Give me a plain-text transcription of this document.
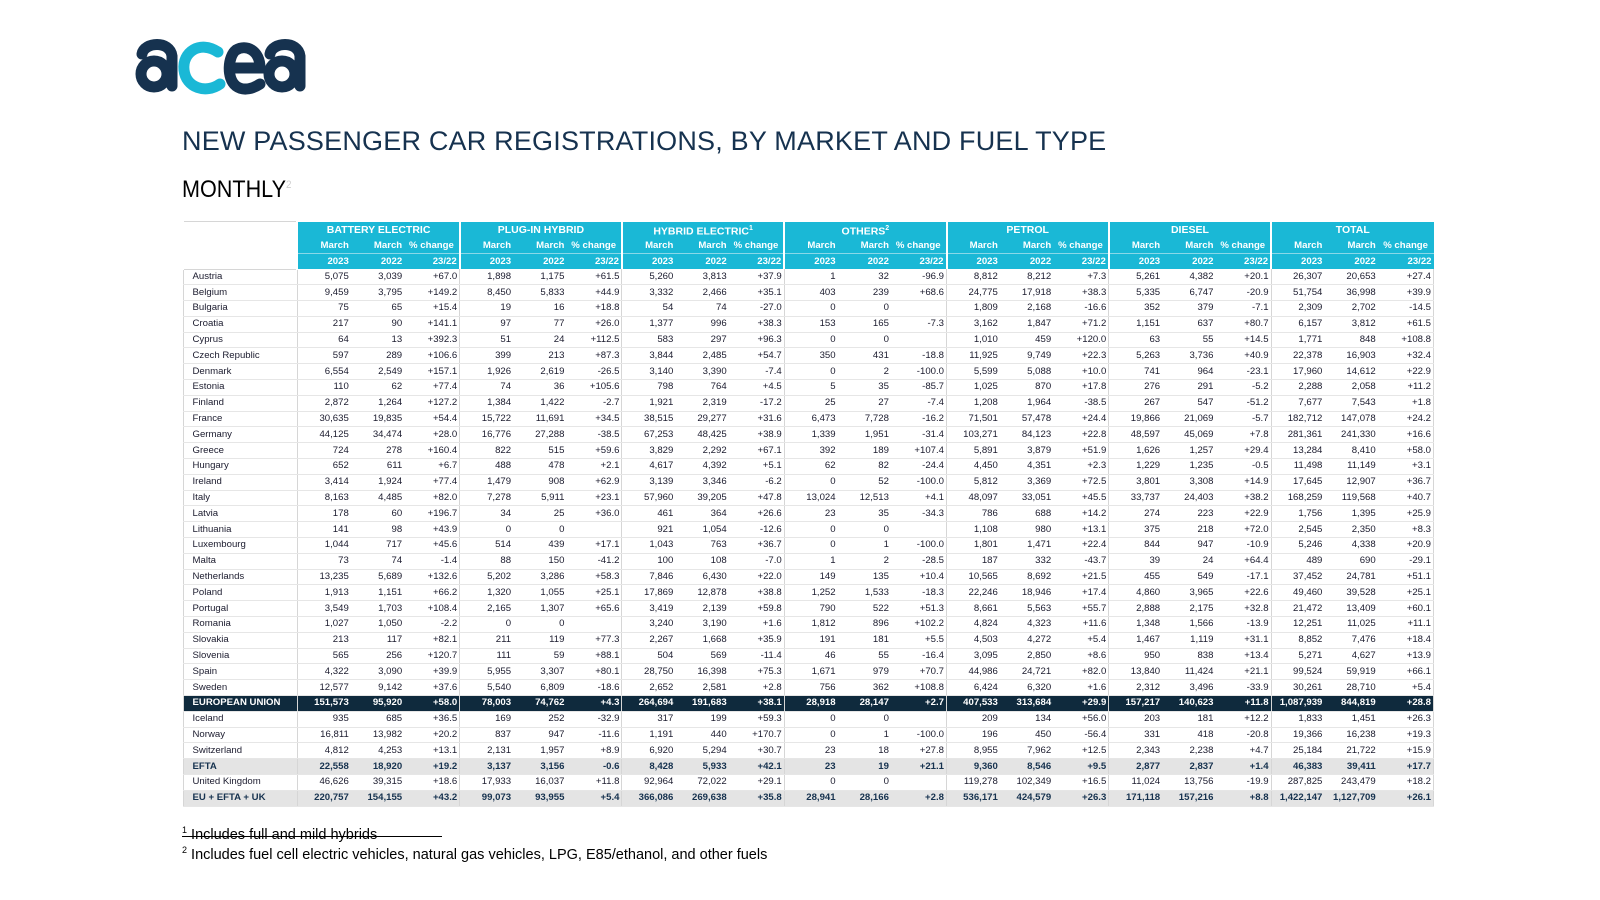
NEW PASSENGER CAR REGISTRATIONS, BY MARKET AND FUEL TYPE
MONTHLY$^2$
	BATTERY ELECTRIC			PLUG-IN HYBRID			HYBRID ELECTRIC$^1$			OTHERS$^2$			PETROL			DIESEL			TOTAL		
	March	March	% change	March	March	% change	March	March	% change	March	March	% change	March	March	% change	March	March	% change	March	March	% change
	2023	2022	23/22	2023	2022	23/22	2023	2022	23/22	2023	2022	23/22	2023	2022	23/22	2023	2022	23/22	2023	2022	23/22
Austria	5,075	3,039	+67.0	1,898	1,175	+61.5	5,260	3,813	+37.9	1	32	-96.9	8,812	8,212	+7.3	5,261	4,382	+20.1	26,307	20,653	+27.4
Belgium	9,459	3,795	+149.2	8,450	5,833	+44.9	3,332	2,466	+35.1	403	239	+68.6	24,775	17,918	+38.3	5,335	6,747	-20.9	51,754	36,998	+39.9
Bulgaria	75	65	+15.4	19	16	+18.8	54	74	-27.0	0	0		1,809	2,168	-16.6	352	379	-7.1	2,309	2,702	-14.5
Croatia	217	90	+141.1	97	77	+26.0	1,377	996	+38.3	153	165	-7.3	3,162	1,847	+71.2	1,151	637	+80.7	6,157	3,812	+61.5
Cyprus	64	13	+392.3	51	24	+112.5	583	297	+96.3	0	0		1,010	459	+120.0	63	55	+14.5	1,771	848	+108.8
Czech Republic	597	289	+106.6	399	213	+87.3	3,844	2,485	+54.7	350	431	-18.8	11,925	9,749	+22.3	5,263	3,736	+40.9	22,378	16,903	+32.4
Denmark	6,554	2,549	+157.1	1,926	2,619	-26.5	3,140	3,390	-7.4	0	2	-100.0	5,599	5,088	+10.0	741	964	-23.1	17,960	14,612	+22.9
Estonia	110	62	+77.4	74	36	+105.6	798	764	+4.5	5	35	-85.7	1,025	870	+17.8	276	291	-5.2	2,288	2,058	+11.2
Finland	2,872	1,264	+127.2	1,384	1,422	-2.7	1,921	2,319	-17.2	25	27	-7.4	1,208	1,964	-38.5	267	547	-51.2	7,677	7,543	+1.8
France	30,635	19,835	+54.4	15,722	11,691	+34.5	38,515	29,277	+31.6	6,473	7,728	-16.2	71,501	57,478	+24.4	19,866	21,069	-5.7	182,712	147,078	+24.2
Germany	44,125	34,474	+28.0	16,776	27,288	-38.5	67,253	48,425	+38.9	1,339	1,951	-31.4	103,271	84,123	+22.8	48,597	45,069	+7.8	281,361	241,330	+16.6
Greece	724	278	+160.4	822	515	+59.6	3,829	2,292	+67.1	392	189	+107.4	5,891	3,879	+51.9	1,626	1,257	+29.4	13,284	8,410	+58.0
Hungary	652	611	+6.7	488	478	+2.1	4,617	4,392	+5.1	62	82	-24.4	4,450	4,351	+2.3	1,229	1,235	-0.5	11,498	11,149	+3.1
Ireland	3,414	1,924	+77.4	1,479	908	+62.9	3,139	3,346	-6.2	0	52	-100.0	5,812	3,369	+72.5	3,801	3,308	+14.9	17,645	12,907	+36.7
Italy	8,163	4,485	+82.0	7,278	5,911	+23.1	57,960	39,205	+47.8	13,024	12,513	+4.1	48,097	33,051	+45.5	33,737	24,403	+38.2	168,259	119,568	+40.7
Latvia	178	60	+196.7	34	25	+36.0	461	364	+26.6	23	35	-34.3	786	688	+14.2	274	223	+22.9	1,756	1,395	+25.9
Lithuania	141	98	+43.9	0	0		921	1,054	-12.6	0	0		1,108	980	+13.1	375	218	+72.0	2,545	2,350	+8.3
Luxembourg	1,044	717	+45.6	514	439	+17.1	1,043	763	+36.7	0	1	-100.0	1,801	1,471	+22.4	844	947	-10.9	5,246	4,338	+20.9
Malta	73	74	-1.4	88	150	-41.2	100	108	-7.0	1	2	-28.5	187	332	-43.7	39	24	+64.4	489	690	-29.1
Netherlands	13,235	5,689	+132.6	5,202	3,286	+58.3	7,846	6,430	+22.0	149	135	+10.4	10,565	8,692	+21.5	455	549	-17.1	37,452	24,781	+51.1
Poland	1,913	1,151	+66.2	1,320	1,055	+25.1	17,869	12,878	+38.8	1,252	1,533	-18.3	22,246	18,946	+17.4	4,860	3,965	+22.6	49,460	39,528	+25.1
Portugal	3,549	1,703	+108.4	2,165	1,307	+65.6	3,419	2,139	+59.8	790	522	+51.3	8,661	5,563	+55.7	2,888	2,175	+32.8	21,472	13,409	+60.1
Romania	1,027	1,050	-2.2	0	0		3,240	3,190	+1.6	1,812	896	+102.2	4,824	4,323	+11.6	1,348	1,566	-13.9	12,251	11,025	+11.1
Slovakia	213	117	+82.1	211	119	+77.3	2,267	1,668	+35.9	191	181	+5.5	4,503	4,272	+5.4	1,467	1,119	+31.1	8,852	7,476	+18.4
Slovenia	565	256	+120.7	111	59	+88.1	504	569	-11.4	46	55	-16.4	3,095	2,850	+8.6	950	838	+13.4	5,271	4,627	+13.9
Spain	4,322	3,090	+39.9	5,955	3,307	+80.1	28,750	16,398	+75.3	1,671	979	+70.7	44,986	24,721	+82.0	13,840	11,424	+21.1	99,524	59,919	+66.1
Sweden	12,577	9,142	+37.6	5,540	6,809	-18.6	2,652	2,581	+2.8	756	362	+108.8	6,424	6,320	+1.6	2,312	3,496	-33.9	30,261	28,710	+5.4
EUROPEAN UNION	151,573	95,920	+58.0	78,003	74,762	+4.3	264,694	191,683	+38.1	28,918	28,147	+2.7	407,533	313,684	+29.9	157,217	140,623	+11.8	1,087,939	844,819	+28.8
Iceland	935	685	+36.5	169	252	-32.9	317	199	+59.3	0	0		209	134	+56.0	203	181	+12.2	1,833	1,451	+26.3
Norway	16,811	13,982	+20.2	837	947	-11.6	1,191	440	+170.7	0	1	-100.0	196	450	-56.4	331	418	-20.8	19,366	16,238	+19.3
Switzerland	4,812	4,253	+13.1	2,131	1,957	+8.9	6,920	5,294	+30.7	23	18	+27.8	8,955	7,962	+12.5	2,343	2,238	+4.7	25,184	21,722	+15.9
EFTA	22,558	18,920	+19.2	3,137	3,156	-0.6	8,428	5,933	+42.1	23	19	+21.1	9,360	8,546	+9.5	2,877	2,837	+1.4	46,383	39,411	+17.7
United Kingdom	46,626	39,315	+18.6	17,933	16,037	+11.8	92,964	72,022	+29.1	0	0		119,278	102,349	+16.5	11,024	13,756	-19.9	287,825	243,479	+18.2
EU + EFTA + UK	220,757	154,155	+43.2	99,073	93,955	+5.4	366,086	269,638	+35.8	28,941	28,166	+2.8	536,171	424,579	+26.3	171,118	157,216	+8.8	1,422,147	1,127,709	+26.1

$^1$ Includes full and mild hybrids

$^2$ Includes fuel cell electric vehicles, natural gas vehicles, LPG, E85/ethanol, and other fuels
